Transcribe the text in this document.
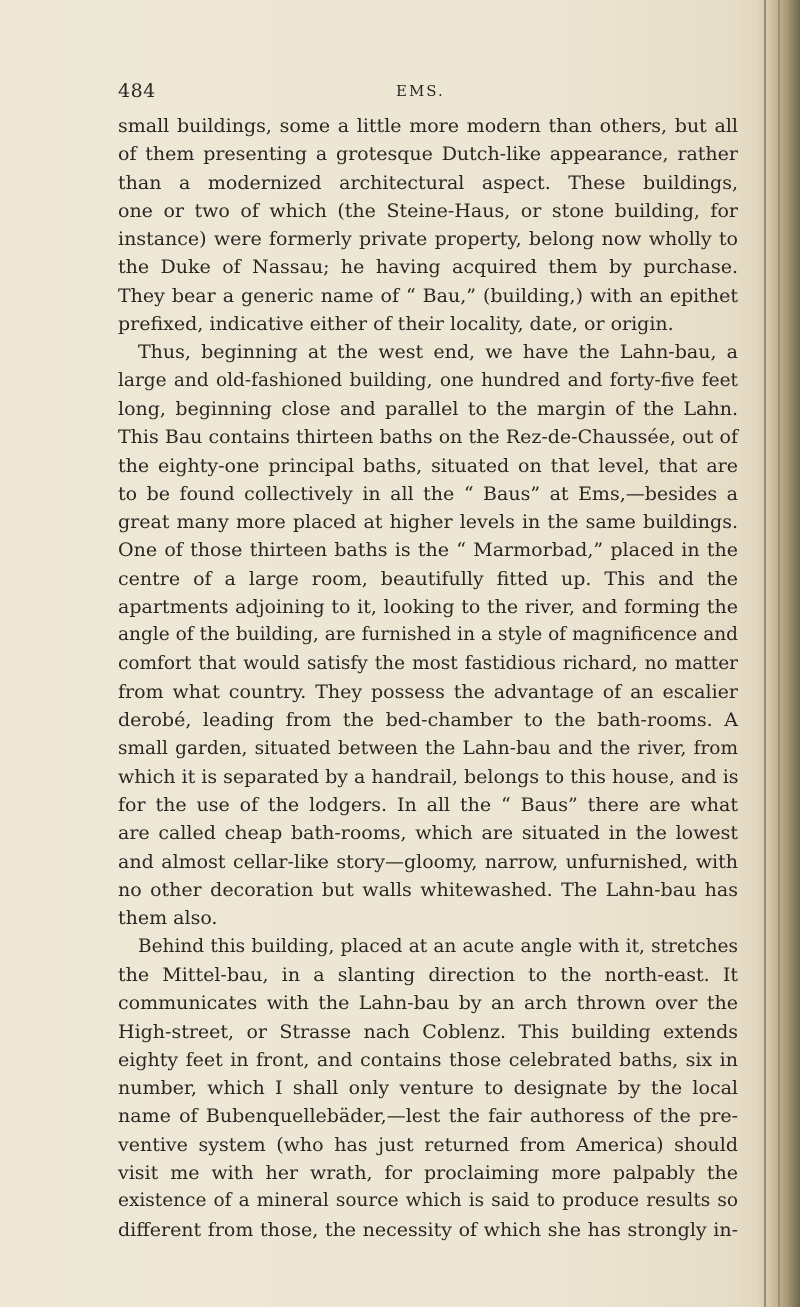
484	EMS.
small buildings, some a little more modern than others, but all
of them presenting a grotesque Dutch-like appearance, rather
than a modernized architectural aspect. These buildings,
one or two of which (the Steine-Haus, or stone building, for
instance) were formerly private property, belong now wholly to
the Duke of Nassau; he having acquired them by purchase.
They bear a generic name of “ Bau,” (building,) with an epithet
prefixed, indicative either of their locality, date, or origin.
Thus, beginning at the west end, we have the Lahn-bau, a
large and old-fashioned building, one hundred and forty-five feet
long, beginning close and parallel to the margin of the Lahn.
This Bau contains thirteen baths on the Rez-de-Chaussée, out of
the eighty-one principal baths, situated on that level, that are
to be found collectively in all the “ Baus” at Ems,—besides a
great many more placed at higher levels in the same buildings.
One of those thirteen baths is the “ Marmorbad,” placed in the
centre of a large room, beautifully fitted up. This and the
apartments adjoining to it, looking to the river, and forming the
angle of the building, are furnished in a style of magnificence and
comfort that would satisfy the most fastidious richard, no matter
from what country. They possess the advantage of an escalier
derobé, leading from the bed-chamber to the bath-rooms. A
small garden, situated between the Lahn-bau and the river, from
which it is separated by a handrail, belongs to this house, and is
for the use of the lodgers. In all the “ Baus” there are what
are called cheap bath-rooms, which are situated in the lowest
and almost cellar-like story—gloomy, narrow, unfurnished, with
no other decoration but walls whitewashed. The Lahn-bau has
them also.
Behind this building, placed at an acute angle with it, stretches
the Mittel-bau, in a slanting direction to the north-east. It
communicates with the Lahn-bau by an arch thrown over the
High-street, or Strasse nach Coblenz. This building extends
eighty feet in front, and contains those celebrated baths, six in
number, which I shall only venture to designate by the local
name of Bubenquellebäder,—lest the fair authoress of the pre-
ventive system (who has just returned from America) should
visit me with her wrath, for proclaiming more palpably the
existence of a mineral source which is said to produce results so
different from those, the necessity of which she has strongly in-
